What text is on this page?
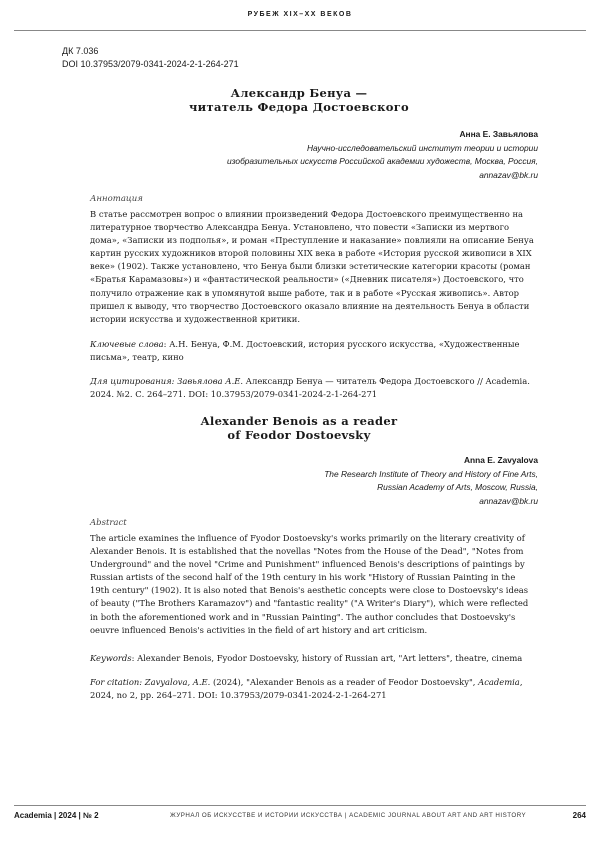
РУБЕЖ XIX–XX ВЕКОВ
ДК 7.036
DOI 10.37953/2079-0341-2024-2-1-264-271
Александр Бенуа —
читатель Федора Достоевского
Анна Е. Завьялова
Научно-исследовательский институт теории и истории
изобразительных искусств Российской академии художеств, Москва, Россия,
annazav@bk.ru
Аннотация

В статье рассмотрен вопрос о влиянии произведений Федора Достоевского преимущественно на литературное творчество Александра Бенуа. Установлено, что повести «Записки из мертвого дома», «Записки из подполья», и роман «Преступление и наказание» повлияли на описание Бенуа картин русских художников второй половины XIX века в работе «История русской живописи в XIX веке» (1902). Также установлено, что Бенуа были близки эстетические категории красоты (роман «Братья Карамазовы») и «фантастической реальности» («Дневник писателя») Достоевского, что получило отражение как в упомянутой выше работе, так и в работе «Русская живопись». Автор пришел к выводу, что творчество Достоевского оказало влияние на деятельность Бенуа в области истории искусства и художественной критики.

Ключевые слова: А.Н. Бенуа, Ф.М. Достоевский, история русского искусства, «Художественные письма», театр, кино

Для цитирования: Завьялова А.Е. Александр Бенуа — читатель Федора Достоевского // Academia. 2024. №2. С. 264–271. DOI: 10.37953/2079-0341-2024-2-1-264-271

Alexander Benois as a reader
of Feodor Dostoevsky
Anna E. Zavyalova
The Research Institute of Theory and History of Fine Arts,
Russian Academy of Arts, Moscow, Russia,
annazav@bk.ru
Abstract

The article examines the influence of Fyodor Dostoevsky's works primarily on the literary creativity of Alexander Benois. It is established that the novellas "Notes from the House of the Dead", "Notes from Underground" and the novel "Crime and Punishment" influenced Benois's descriptions of paintings by Russian artists of the second half of the 19th century in his work "History of Russian Painting in the 19th century" (1902). It is also noted that Benois's aesthetic concepts were close to Dostoevsky's ideas of beauty ("The Brothers Karamazov") and "fantastic reality" ("A Writer's Diary"), which were reflected in both the aforementioned work and in "Russian Painting". The author concludes that Dostoevsky's oeuvre influenced Benois's activities in the field of art history and art criticism.

Keywords: Alexander Benois, Fyodor Dostoevsky, history of Russian art, "Art letters", theatre, cinema

For citation: Zavyalova, A.E. (2024), "Alexander Benois as a reader of Feodor Dostoevsky", Academia, 2024, no 2, pp. 264–271. DOI: 10.37953/2079-0341-2024-2-1-264-271

Academia | 2024 | № 2	ЖУРНАЛ ОБ ИСКУССТВЕ И ИСТОРИИ ИСКУССТВА | ACADEMIC JOURNAL ABOUT ART AND ART HISTORY	264
